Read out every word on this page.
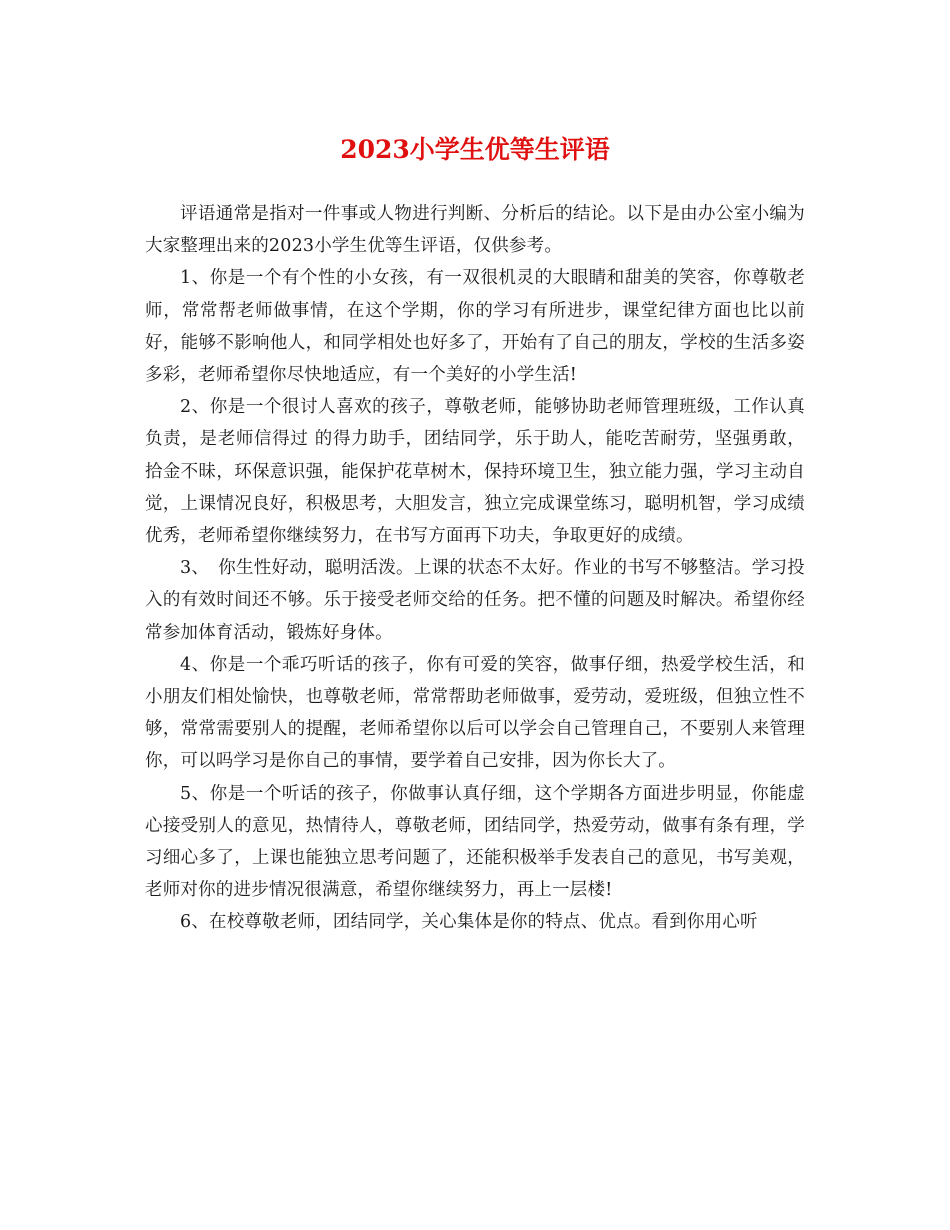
2023小学生优等生评语

评语通常是指对一件事或人物进行判断、分析后的结论。以下是由办公室小编为大家整理出来的2023小学生优等生评语，仅供参考。

1、你是一个有个性的小女孩，有一双很机灵的大眼睛和甜美的笑容，你尊敬老师，常常帮老师做事情，在这个学期，你的学习有所进步，课堂纪律方面也比以前好，能够不影响他人，和同学相处也好多了，开始有了自己的朋友，学校的生活多姿多彩，老师希望你尽快地适应，有一个美好的小学生活!

2、你是一个很讨人喜欢的孩子，尊敬老师，能够协助老师管理班级，工作认真负责，是老师信得过 的得力助手，团结同学，乐于助人，能吃苦耐劳，坚强勇敢，拾金不昧，环保意识强，能保护花草树木，保持环境卫生，独立能力强，学习主动自觉，上课情况良好，积极思考，大胆发言，独立完成课堂练习，聪明机智，学习成绩优秀，老师希望你继续努力，在书写方面再下功夫，争取更好的成绩。

3、　你生性好动，聪明活泼。上课的状态不太好。作业的书写不够整洁。学习投入的有效时间还不够。乐于接受老师交给的任务。把不懂的问题及时解决。希望你经常参加体育活动，锻炼好身体。

4、你是一个乖巧听话的孩子，你有可爱的笑容，做事仔细，热爱学校生活，和小朋友们相处愉快，也尊敬老师，常常帮助老师做事，爱劳动，爱班级，但独立性不够，常常需要别人的提醒，老师希望你以后可以学会自己管理自己，不要别人来管理你，可以吗学习是你自己的事情，要学着自己安排，因为你长大了。

5、你是一个听话的孩子，你做事认真仔细，这个学期各方面进步明显，你能虚心接受别人的意见，热情待人，尊敬老师，团结同学，热爱劳动，做事有条有理，学习细心多了，上课也能独立思考问题了，还能积极举手发表自己的意见，书写美观，老师对你的进步情况很满意，希望你继续努力，再上一层楼!

6、在校尊敬老师，团结同学，关心集体是你的特点、优点。看到你用心听
